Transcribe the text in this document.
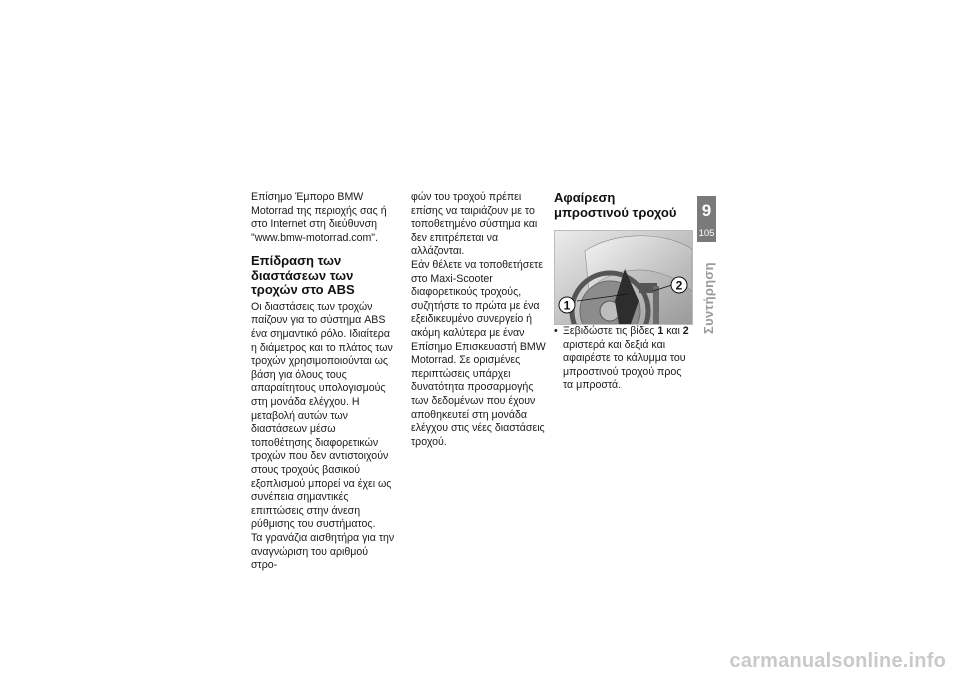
Επίσημο Έμπορο BMW Motorrad της περιοχής σας ή στο Internet στη διεύθυνση "www.bmw-motorrad.com".

Επίδραση των διαστάσεων των τροχών στο ABS

Οι διαστάσεις των τροχών παίζουν για το σύστημα ABS ένα σημαντικό ρόλο. Ιδιαίτερα η διάμετρος και το πλάτος των τροχών χρησιμοποιούνται ως βάση για όλους τους απαραίτητους υπολογισμούς στη μονάδα ελέγχου. Η μεταβολή αυτών των διαστάσεων μέσω τοποθέτησης διαφορετικών τροχών που δεν αντιστοιχούν στους τροχούς βασικού εξοπλισμού μπορεί να έχει ως συνέπεια σημαντικές επιπτώσεις στην άνεση ρύθμισης του συστήματος.

Τα γρανάζια αισθητήρα για την αναγνώριση του αριθμού στρο-

φών του τροχού πρέπει επίσης να ταιριάζουν με το τοποθετημένο σύστημα και δεν επιτρέπεται να αλλάζονται.

Εάν θέλετε να τοποθετήσετε στο Maxi-Scooter διαφορετικούς τροχούς, συζητήστε το πρώτα με ένα εξειδικευμένο συνεργείο ή ακόμη καλύτερα με έναν Επίσημο Επισκευαστή BMW Motorrad. Σε ορισμένες περιπτώσεις υπάρχει δυνατότητα προσαρμογής των δεδομένων που έχουν αποθηκευτεί στη μονάδα ελέγχου στις νέες διαστάσεις τροχού.

Αφαίρεση μπροστινού τροχού
1
2

• Ξεβιδώστε τις βίδες 1 και 2 αριστερά και δεξιά και αφαιρέστε το κάλυμμα του μπροστινού τροχού προς τα μπροστά.

9
105
Συντήρηση
carmanualsonline.info
